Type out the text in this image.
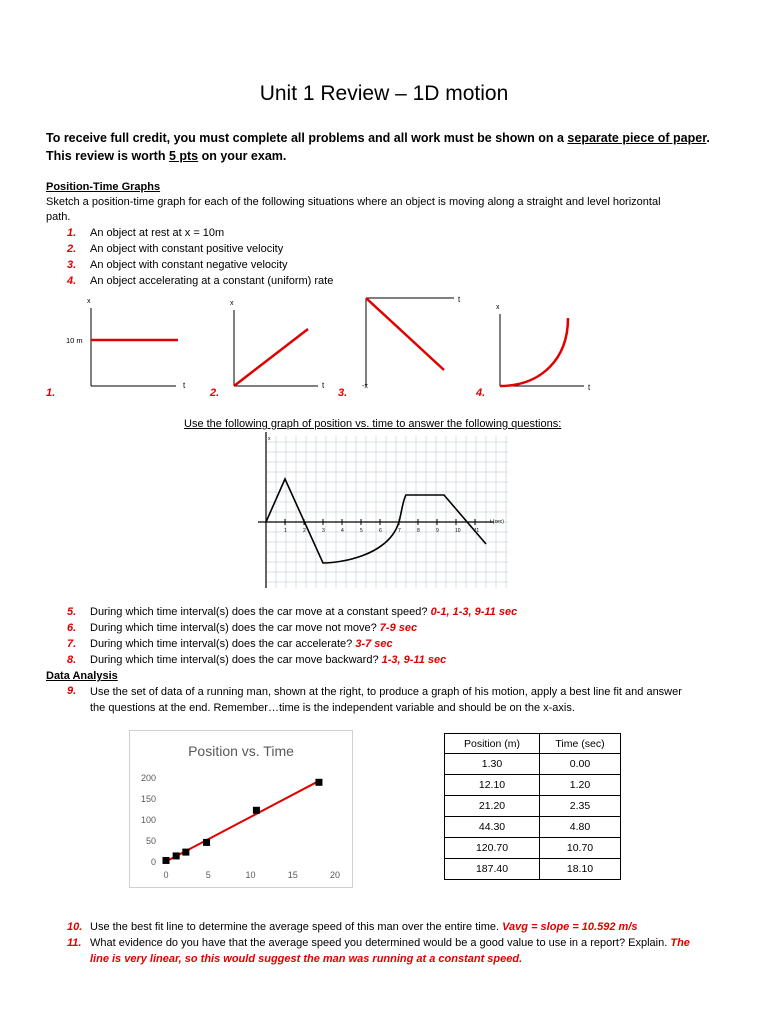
Unit 1 Review – 1D motion
To receive full credit, you must complete all problems and all work must be shown on a separate piece of paper. This review is worth 5 pts on your exam.
Position-Time Graphs
Sketch a position-time graph for each of the following situations where an object is moving along a straight and level horizontal
path.
1. An object at rest at x = 10m
2. An object with constant positive velocity
3. An object with constant negative velocity
4. An object accelerating at a constant (uniform) rate
x
t
10 m
1.
x
t
2.
t
-x
3.
x
t
4.
Use the following graph of position vs. time to answer the following questions:
x
t (sec)
1	2	3	4	5	6	7	8	9	10	11
5. During which time interval(s) does the car move at a constant speed? 0-1, 1-3, 9-11 sec
6. During which time interval(s) does the car move not move? 7-9 sec
7. During which time interval(s) does the car accelerate? 3-7 sec
8. During which time interval(s) does the car move backward? 1-3, 9-11 sec
Data Analysis
9. Use the set of data of a running man, shown at the right, to produce a graph of his motion, apply a best line fit and answer
the questions at the end. Remember…time is the independent variable and should be on the x-axis.
Position vs. Time
0
50
100
150
200
0	5	10	15	20
Position (m)	Time (sec)
1.30	0.00
12.10	1.20
21.20	2.35
44.30	4.80
120.70	10.70
187.40	18.10
10. Use the best fit line to determine the average speed of this man over the entire time. Vavg = slope = 10.592 m/s
11. What evidence do you have that the average speed you determined would be a good value to use in a report? Explain. The
line is very linear, so this would suggest the man was running at a constant speed.
